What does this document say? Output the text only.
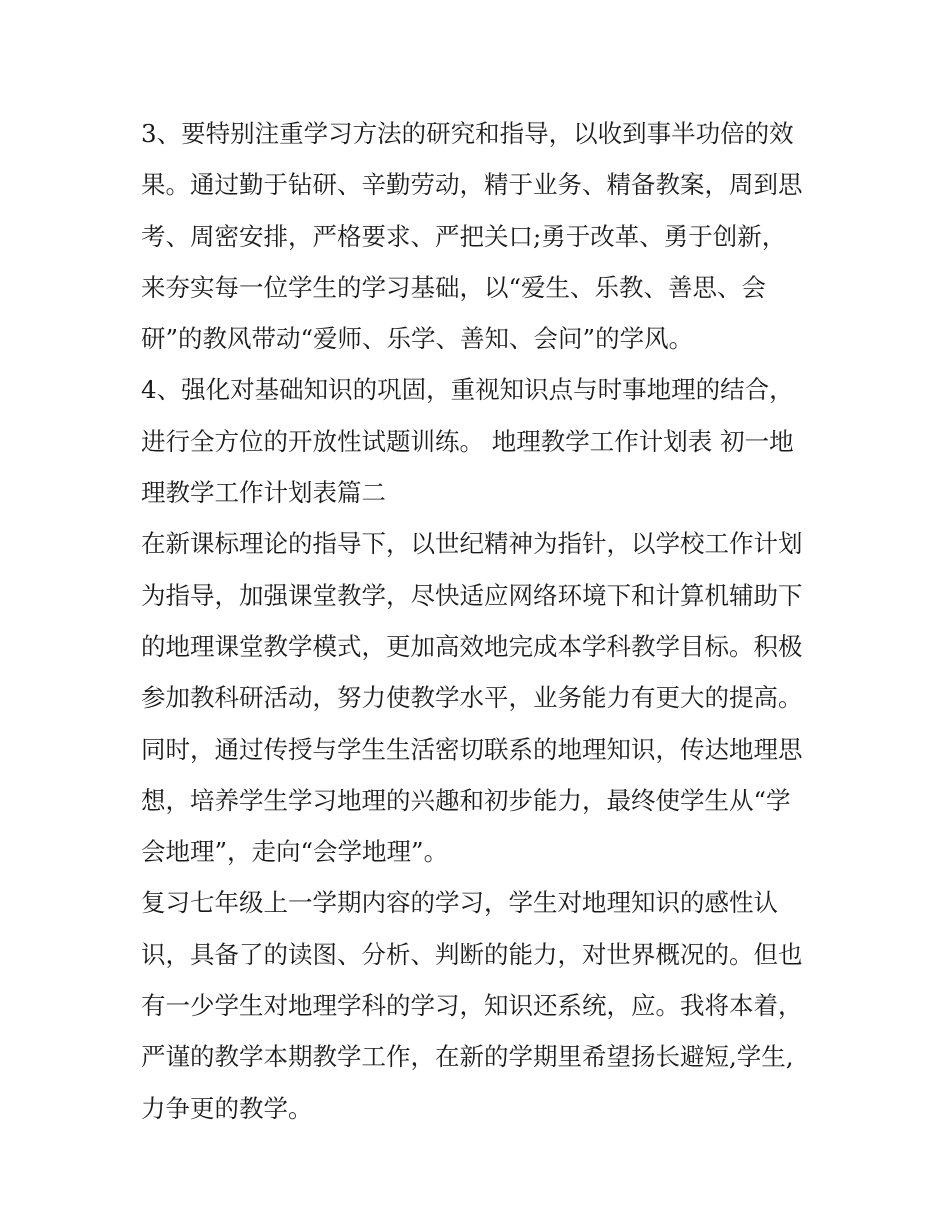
3、要特别注重学习方法的研究和指导，以收到事半功倍的效
果。通过勤于钻研、辛勤劳动，精于业务、精备教案，周到思
考、周密安排，严格要求、严把关口;勇于改革、勇于创新，
来夯实每一位学生的学习基础，以“爱生、乐教、善思、会
研”的教风带动“爱师、乐学、善知、会问”的学风。
4、强化对基础知识的巩固，重视知识点与时事地理的结合，
进行全方位的开放性试题训练。 地理教学工作计划表 初一地
理教学工作计划表篇二
在新课标理论的指导下，以世纪精神为指针，以学校工作计划
为指导，加强课堂教学，尽快适应网络环境下和计算机辅助下
的地理课堂教学模式，更加高效地完成本学科教学目标。积极
参加教科研活动，努力使教学水平，业务能力有更大的提高。
同时，通过传授与学生生活密切联系的地理知识，传达地理思
想，培养学生学习地理的兴趣和初步能力，最终使学生从“学
会地理”，走向“会学地理”。
复习七年级上一学期内容的学习，学生对地理知识的感性认
识，具备了的读图、分析、判断的能力，对世界概况的。但也
有一少学生对地理学科的学习，知识还系统，应。我将本着，
严谨的教学本期教学工作，在新的学期里希望扬长避短,学生,
力争更的教学。
